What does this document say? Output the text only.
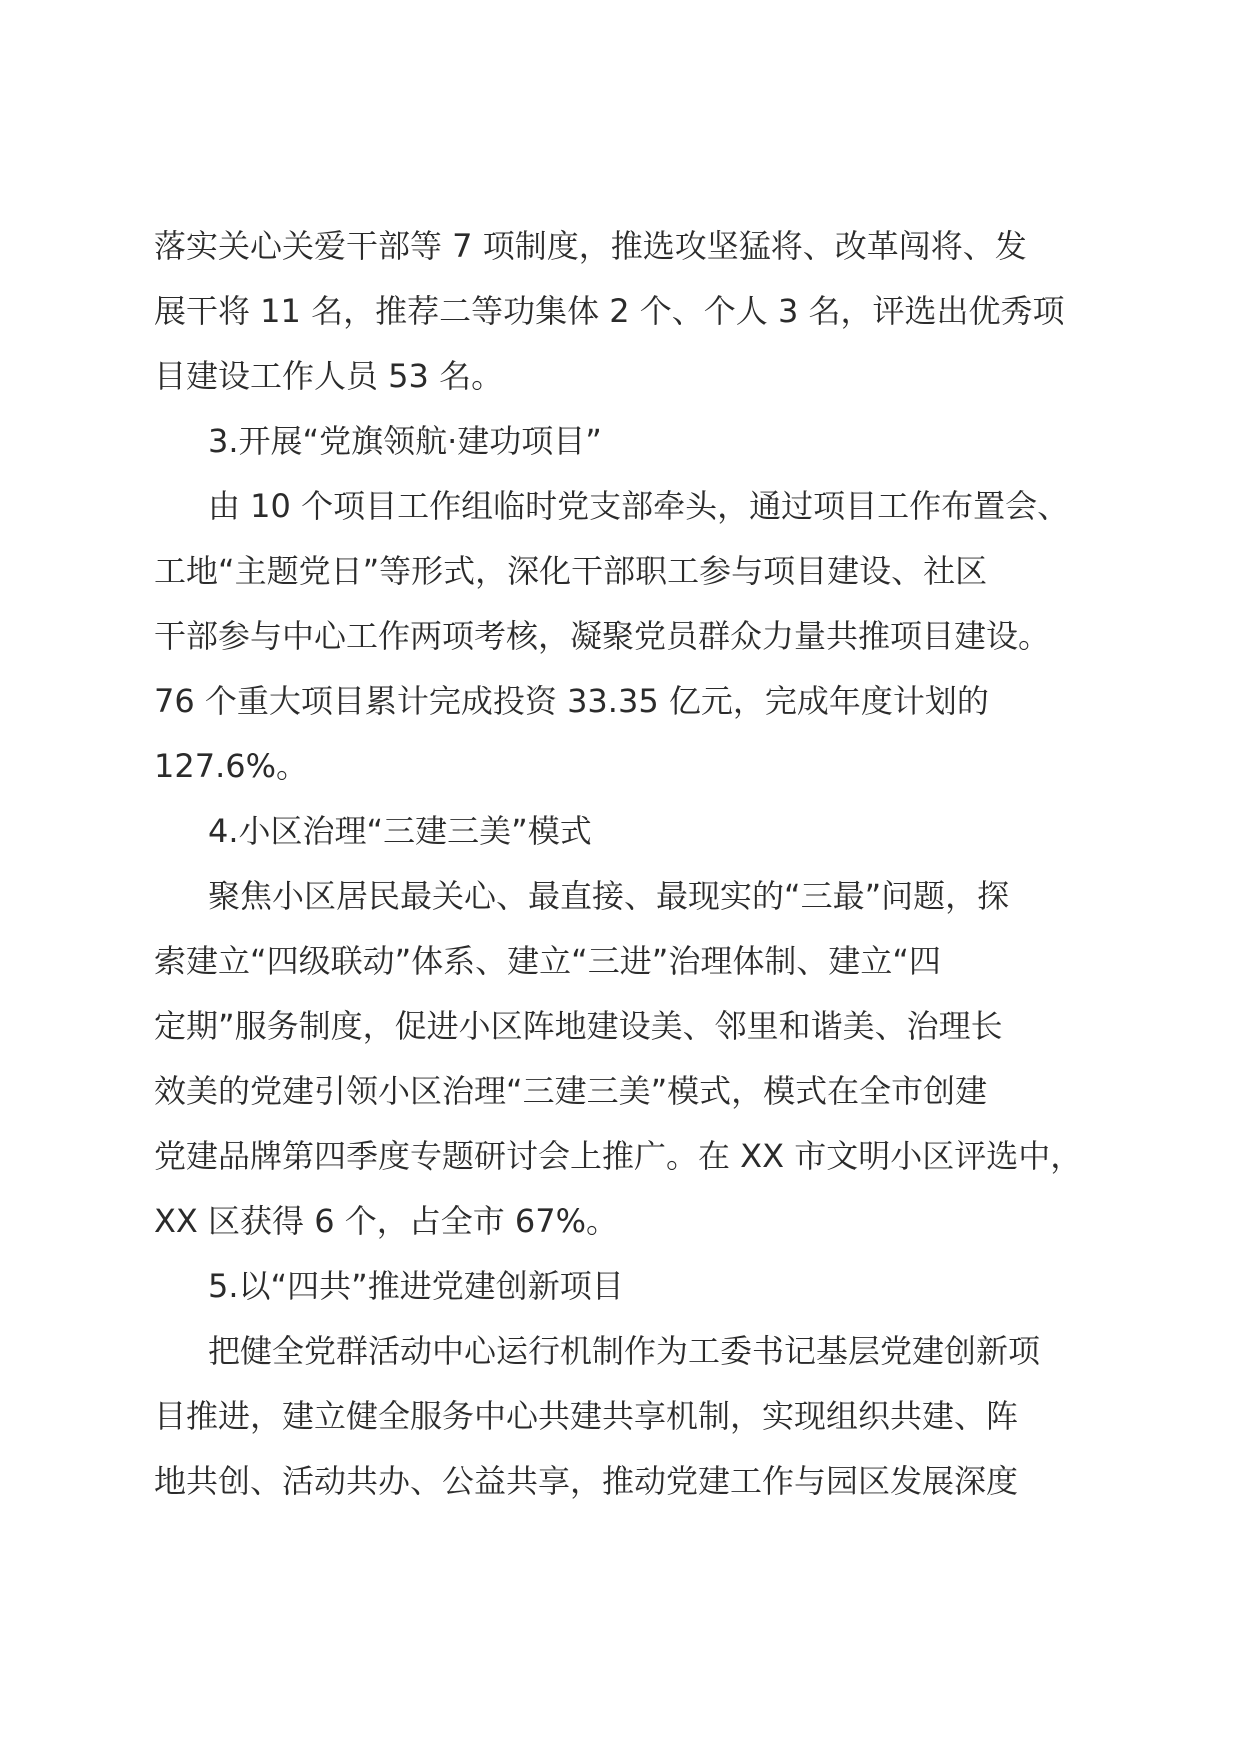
落实关心关爱干部等 7 项制度，推选攻坚猛将、改革闯将、发
展干将 11 名，推荐二等功集体 2 个、个人 3 名，评选出优秀项
目建设工作人员 53 名。
3.开展“党旗领航·建功项目”
由 10 个项目工作组临时党支部牵头，通过项目工作布置会、
工地“主题党日”等形式，深化干部职工参与项目建设、社区
干部参与中心工作两项考核，凝聚党员群众力量共推项目建设。
76 个重大项目累计完成投资 33.35 亿元，完成年度计划的
127.6%。
4.小区治理“三建三美”模式
聚焦小区居民最关心、最直接、最现实的“三最”问题，探
索建立“四级联动”体系、建立“三进”治理体制、建立“四
定期”服务制度，促进小区阵地建设美、邻里和谐美、治理长
效美的党建引领小区治理“三建三美”模式，模式在全市创建
党建品牌第四季度专题研讨会上推广。在 XX 市文明小区评选中，
XX 区获得 6 个，占全市 67%。
5.以“四共”推进党建创新项目
把健全党群活动中心运行机制作为工委书记基层党建创新项
目推进，建立健全服务中心共建共享机制，实现组织共建、阵
地共创、活动共办、公益共享，推动党建工作与园区发展深度
